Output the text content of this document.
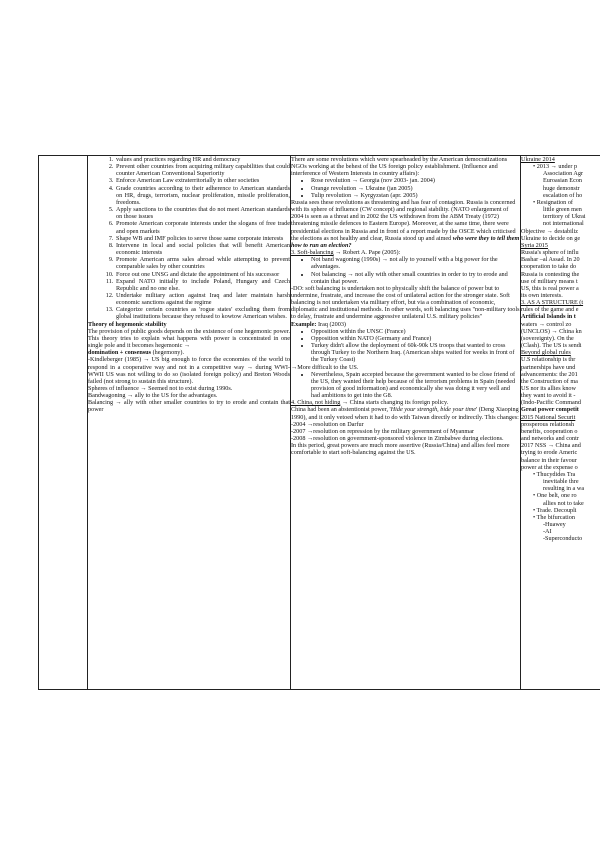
1. values and practices regarding HR and democracy
2. Prevent other countries from acquiring military capabilities that could counter American Conventional Superiority
3. Enforce American Law extraterritorially in other societies
4. Grade countries according to their adherence to American standards on HR, drugs, terrorism, nuclear proliferation, missile proliferation, freedoms.
5. Apply sanctions to the countries that do not meet American standards on those issues
6. Promote American corporate interests under the slogans of free trade and open markets
7. Shape WB and IMF policies to serve those same corporate interests
8. Intervene in local and social policies that will benefit American economic interests
9. Promote American arms sales abroad while attempting to prevent comparable sales by other countries
10. Force out one UNSG and dictate the appointment of his successor
11. Expand NATO initially to include Poland, Hungary and Czech Republic and no one else.
12. Undertake military action against Iraq and later maintain harsh economic sanctions against the regime
13. Categorize certain countries as 'rogue states' excluding them from global institutions because they refused to kowtow American wishes.

Theory of hegemonic stability

The provision of public goods depends on the existence of one hegemonic power. This theory tries to explain what happens with power is concentrated in one single pole and it becomes hegemonic →
domination + consensus (hegemony).

-Kindleberger (1985) → US big enough to force the economies of the world to respond in a cooperative way and not in a competitive way → during WWI-WWII US was not willing to do so (isolated foreign policy) and Breton Woods failed (not strong to sustain this structure).

Spheres of influence → Seemed not to exist during 1990s.

Bandwagoning → ally to the US for the advantages.

Balancing → ally with other smaller countries to try to erode and contain that power

There are some revolutions which were spearheaded by the American democratizations NGOs working at the behest of the US foreign policy establishment. (Influence and interference of Western Interests in country affairs):

• Rose revolution → Georgia (nov 2003- jan. 2004)
• Orange revolution → Ukraine (jan 2005)
• Tulip revolution → Kyrgyzstan (apr. 2005)

Russia sees these revolutions as threatening and has fear of contagion. Russia is concerned with its sphere of influence (CW concept) and regional stability. (NATO enlargement of 2004 is seen as a threat and in 2002 the US withdrawn from the ABM Treaty (1972) threatening missile defences to Eastern Europe). Moreover, at the same time, there were presidential elections in Russia and in front of a report made by the OSCE which criticised the elections as not healthy and clear, Russia stood up and aimed who were they to tell them how to run an election?

3. Soft-balancing → Robert A. Pape (2005):

• Not band wagoning (1990s) → not ally to yourself with a big power for the advantages.
• Not balancing → not ally with other small countries in order to try to erode and contain that power.

-DO: soft balancing is undertaken not to physically shift the balance of power but to undermine, frustrate, and increase the cost of unilateral action for the stronger state. Soft balancing is not undertaken via military effort, but via a combination of economic, diplomatic and institutional methods. In other words, soft balancing uses "non-military tools to delay, frustrate and undermine aggressive unilateral U.S. military policies"

Example: Iraq (2003)

• Opposition within the UNSC (France)
• Opposition within NATO (Germany and France)
• Turkey didn't allow the deployment of 60k-90k US troops that wanted to cross through Turkey to the Northern Iraq. (American ships waited for weeks in front of the Turkey Coast)

→More difficult to the US.

• Nevertheless, Spain accepted because the government wanted to be close friend of the US, they wanted their help because of the terrorism problems in Spain (needed provision of good information) and economically she was doing it very well and had ambitions to get into the G8.

4. China, not hiding → China starts changing its foreign policy.

China had been an abstentionist power, 'Hide your strength, bide your time' (Deng Xiaoping 1990), and it only vetoed when it had to do with Taiwan directly or indirectly. This changes:

-2004 →resolution on Darfur

-2007 →resolution on repression by the military government of Myanmar

-2008 →resolution on government-sponsored violence in Zimbabwe during elections.

In this period, great powers are much more assertive (Russia/China) and allies feel more comfortable to start soft-balancing against the US.

Ukraine 2014

• 2013 → under p

Association Agr

Euroasian Econ

huge demonstr

escalation of ho

• Resignation of

little green men

territory of Ukrai

not international

Objective → destabiliz

Ukraine to decide on ge

Syria 2015

Russia's sphere of influ

Bashar –al Assad. In 20

cooperation to take do

Russia is contesting the

use of military means t

US, this is real power a

its own interests.

3. AS A STRUCTURE (t

rules of the game and e

Artificial Islands in t

waters → control zo

(UNCLOS) → China kn

(sovereignty). On the

(Clash). The US is sendi

Beyond global rules

U.S relationship is thr

partnerships have und

advancements: the 201

the Construction of ma

US nor its allies know

they want to avoid it -

(Indo-Pacific Command

Great power competit

2015 National Securit

prosperous relationsh

benefits, cooperation o

and networks and contr

2017 NSS → China and

trying to erode Americ

balance in their favour

power at the expense o

• Thucydides Tra

inevitable thre

resulting in a wa

• One belt, one ro

allies not to take

• Trade. Decoupli

• The bifurcation

-Huawey

-AI

-Superconducto
